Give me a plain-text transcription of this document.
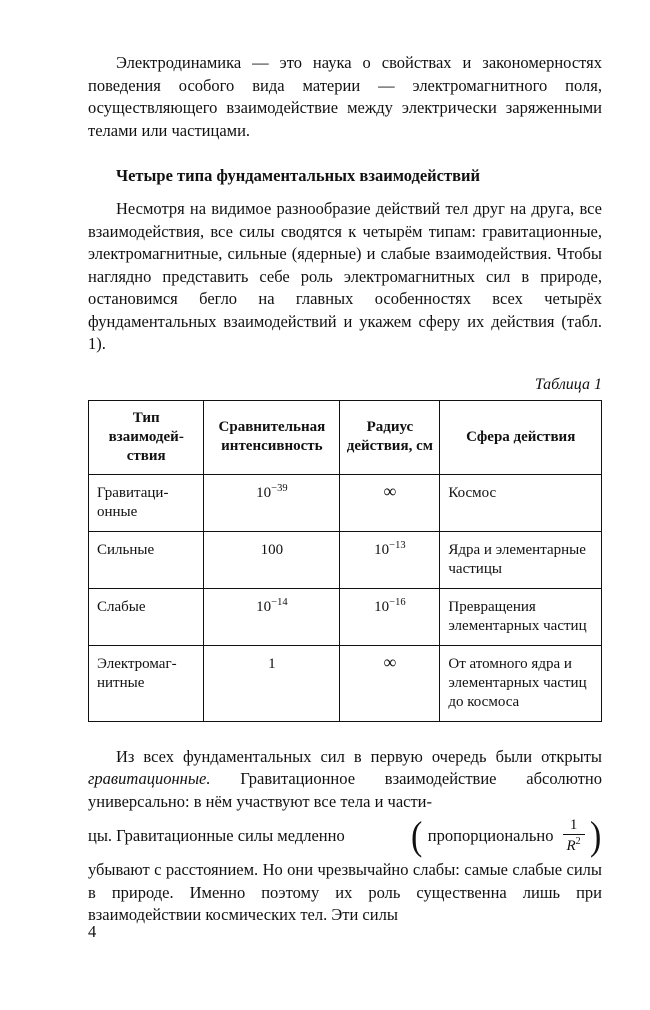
Электродинамика — это наука о свойствах и закономерностях поведения особого вида материи — электромагнитного поля, осуществляющего взаимодействие между электрически заряженными телами или частицами.

Четыре типа фундаментальных взаимодействий

Несмотря на видимое разнообразие действий тел друг на друга, все взаимодействия, все силы сводятся к четырём типам: гравитационные, электромагнитные, сильные (ядерные) и слабые взаимодействия. Чтобы наглядно представить себе роль электромагнитных сил в природе, остановимся бегло на главных особенностях всех четырёх фундаментальных взаимодействий и укажем сферу их действия (табл. 1).

Таблица 1
Тип взаимодействия	Сравнительная интенсивность	Радиус действия, см	Сфера действия
Гравитационные	$10^{-39}$	∞	Космос
Сильные	100	$10^{-13}$	Ядра и элементарные частицы
Слабые	$10^{-14}$	$10^{-16}$	Превращения элементарных частиц
Электромагнитные	1	∞	От атомного ядра и элементарных частиц до космоса

Из всех фундаментальных сил в первую очередь были открыты гравитационные. Гравитационное взаимодействие абсолютно универсально: в нём участвуют все тела и части-

цы. Гравитационные силы медленно ( пропорционально $\frac{1}{R^2}$ )

убывают с расстоянием. Но они чрезвычайно слабы: самые слабые силы в природе. Именно поэтому их роль существенна лишь при взаимодействии космических тел. Эти силы

4
